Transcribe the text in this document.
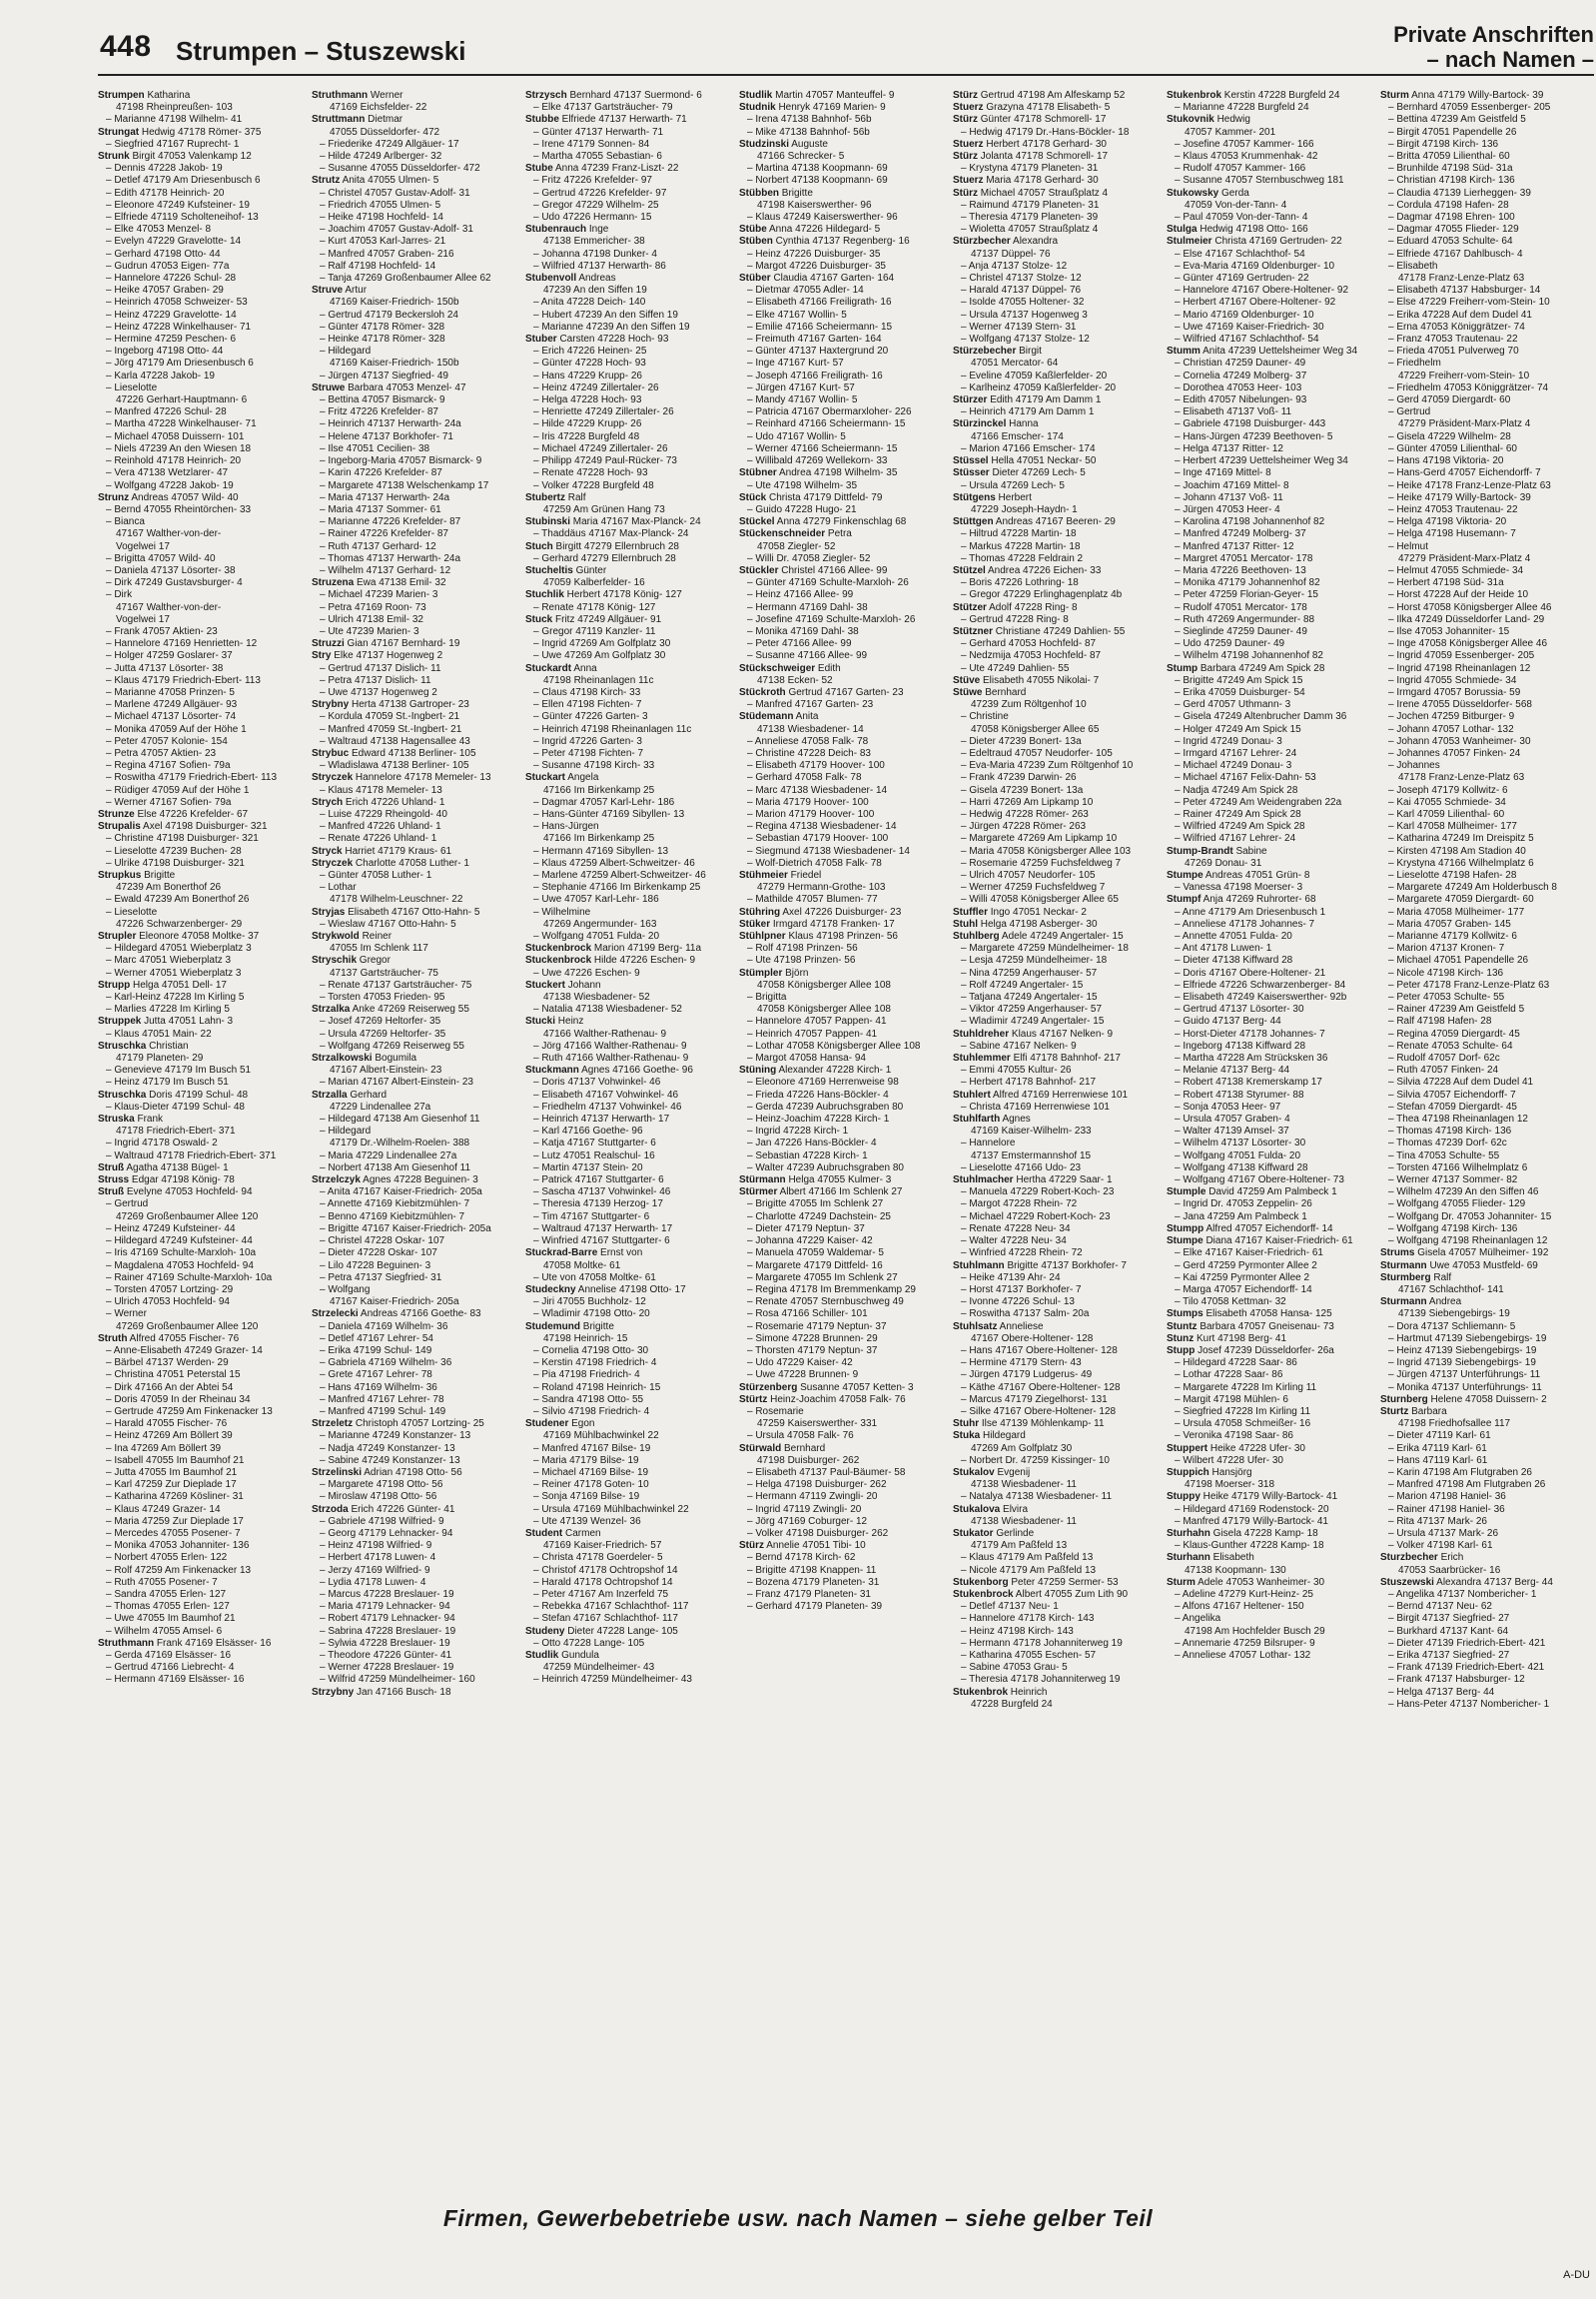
448 Strumpen – Stuszewski
Private Anschriften
– nach Namen –
Strumpen Katharina
47198 Rheinpreußen- 103
– Marianne 47198 Wilhelm- 41
Strungat Hedwig 47178 Römer- 375
– Siegfried 47167 Ruprecht- 1
Strunk Birgit 47053 Valenkamp 12
– Dennis 47228 Jakob- 19
– Detlef 47179 Am Driesenbusch 6
– Edith 47178 Heinrich- 20
– Eleonore 47249 Kufsteiner- 19
– Elfriede 47119 Scholteneihof- 13
– Elke 47053 Menzel- 8
– Evelyn 47229 Gravelotte- 14
– Gerhard 47198 Otto- 44
– Gudrun 47053 Eigen- 77a
– Hannelore 47226 Schul- 28
– Heike 47057 Graben- 29
– Heinrich 47058 Schweizer- 53
– Heinz 47229 Gravelotte- 14
– Heinz 47228 Winkelhauser- 71
– Hermine 47259 Peschen- 6
– Ingeborg 47198 Otto- 44
– Jörg 47179 Am Driesenbusch 6
– Karla 47228 Jakob- 19
– Lieselotte
47226 Gerhart-Hauptmann- 6
– Manfred 47226 Schul- 28
– Martha 47228 Winkelhauser- 71
– Michael 47058 Duissern- 101
– Niels 47239 An den Wiesen 18
– Reinhold 47178 Heinrich- 20
– Vera 47138 Wetzlarer- 47
– Wolfgang 47228 Jakob- 19
Strunz Andreas 47057 Wild- 40
– Bernd 47055 Rheintörchen- 33
– Bianca
47167 Walther-von-der-
Vogelwei 17
– Brigitta 47057 Wild- 40
– Daniela 47137 Lösorter- 38
– Dirk 47249 Gustavsburger- 4
– Dirk
47167 Walther-von-der-
Vogelwei 17
– Frank 47057 Aktien- 23
– Hannelore 47169 Henrietten- 12
– Holger 47259 Goslarer- 37
– Jutta 47137 Lösorter- 38
– Klaus 47179 Friedrich-Ebert- 113
– Marianne 47058 Prinzen- 5
– Marlene 47249 Allgäuer- 93
– Michael 47137 Lösorter- 74
– Monika 47059 Auf der Höhe 1
– Peter 47057 Kolonie- 154
– Petra 47057 Aktien- 23
– Regina 47167 Sofien- 79a
– Roswitha 47179 Friedrich-Ebert- 113
– Rüdiger 47059 Auf der Höhe 1
– Werner 47167 Sofien- 79a
Strunze Else 47226 Krefelder- 67
Strupalis Axel 47198 Duisburger- 321
– Christine 47198 Duisburger- 321
– Lieselotte 47239 Buchen- 28
– Ulrike 47198 Duisburger- 321
Strupkus Brigitte
47239 Am Bonerthof 26
– Ewald 47239 Am Bonerthof 26
– Lieselotte
47226 Schwarzenberger- 29
Strupler Eleonore 47058 Moltke- 37
– Hildegard 47051 Wieberplatz 3
– Marc 47051 Wieberplatz 3
– Werner 47051 Wieberplatz 3
Strupp Helga 47051 Dell- 17
– Karl-Heinz 47228 Im Kirling 5
– Marlies 47228 Im Kirling 5
Struppek Jutta 47051 Lahn- 3
– Klaus 47051 Main- 22
Struschka Christian
47179 Planeten- 29
– Genevieve 47179 Im Busch 51
– Heinz 47179 Im Busch 51
Struschka Doris 47199 Schul- 48
– Klaus-Dieter 47199 Schul- 48
Struska Frank
47178 Friedrich-Ebert- 371
– Ingrid 47178 Oswald- 2
– Waltraud 47178 Friedrich-Ebert- 371
Struß Agatha 47138 Bügel- 1
Struss Edgar 47198 König- 78
Struß Evelyne 47053 Hochfeld- 94
– Gertrud
47269 Großenbaumer Allee 120
– Heinz 47249 Kufsteiner- 44
– Hildegard 47249 Kufsteiner- 44
– Iris 47169 Schulte-Marxloh- 10a
– Magdalena 47053 Hochfeld- 94
– Rainer 47169 Schulte-Marxloh- 10a
– Torsten 47057 Lortzing- 29
– Ulrich 47053 Hochfeld- 94
– Werner
47269 Großenbaumer Allee 120
Struth Alfred 47055 Fischer- 76
– Anne-Elisabeth 47249 Grazer- 14
– Bärbel 47137 Werden- 29
– Christina 47051 Peterstal 15
– Dirk 47166 An der Abtei 54
– Doris 47059 In der Rheinau 34
– Gertrude 47259 Am Finkenacker 13
– Harald 47055 Fischer- 76
– Heinz 47269 Am Böllert 39
– Ina 47269 Am Böllert 39
– Isabell 47055 Im Baumhof 21
– Jutta 47055 Im Baumhof 21
– Karl 47259 Zur Dieplade 17
– Katharina 47269 Kösliner- 31
– Klaus 47249 Grazer- 14
– Maria 47259 Zur Dieplade 17
– Mercedes 47055 Posener- 7
– Monika 47053 Johanniter- 136
– Norbert 47055 Erlen- 122
– Rolf 47259 Am Finkenacker 13
– Ruth 47055 Posener- 7
– Sandra 47055 Erlen- 127
– Thomas 47055 Erlen- 127
– Uwe 47055 Im Baumhof 21
– Wilhelm 47055 Amsel- 6
Struthmann Frank 47169 Elsässer- 16
– Gerda 47169 Elsässer- 16
– Gertrud 47166 Liebrecht- 4
– Hermann 47169 Elsässer- 16
Struthmann Werner
47169 Eichsfelder- 22
Struttmann Dietmar
47055 Düsseldorfer- 472
– Friederike 47249 Allgäuer- 17
– Hilde 47249 Arlberger- 32
– Susanne 47055 Düsseldorfer- 472
Strutz Anita 47055 Ulmen- 5
– Christel 47057 Gustav-Adolf- 31
– Friedrich 47055 Ulmen- 5
– Heike 47198 Hochfeld- 14
– Joachim 47057 Gustav-Adolf- 31
– Kurt 47053 Karl-Jarres- 21
– Manfred 47057 Graben- 216
– Ralf 47198 Hochfeld- 14
– Tanja 47269 Großenbaumer Allee 62
Struve Artur
47169 Kaiser-Friedrich- 150b
– Gertrud 47179 Beckersloh 24
– Günter 47178 Römer- 328
– Heinke 47178 Römer- 328
– Hildegard
47169 Kaiser-Friedrich- 150b
– Jürgen 47137 Siegfried- 49
Struwe Barbara 47053 Menzel- 47
– Bettina 47057 Bismarck- 9
– Fritz 47226 Krefelder- 87
– Heinrich 47137 Herwarth- 24a
– Helene 47137 Borkhofer- 71
– Ilse 47051 Cecilien- 38
– Ingeborg-Maria 47057 Bismarck- 9
– Karin 47226 Krefelder- 87
– Margarete 47138 Welschenkamp 17
– Maria 47137 Herwarth- 24a
– Maria 47137 Sommer- 61
– Marianne 47226 Krefelder- 87
– Rainer 47226 Krefelder- 87
– Ruth 47137 Gerhard- 12
– Thomas 47137 Herwarth- 24a
– Wilhelm 47137 Gerhard- 12
Struzena Ewa 47138 Emil- 32
– Michael 47239 Marien- 3
– Petra 47169 Roon- 73
– Ulrich 47138 Emil- 32
– Ute 47239 Marien- 3
Struzzi Gian 47167 Bernhard- 19
Stry Elke 47137 Hogenweg 2
– Gertrud 47137 Dislich- 11
– Petra 47137 Dislich- 11
– Uwe 47137 Hogenweg 2
Strybny Herta 47138 Gartroper- 23
– Kordula 47059 St.-Ingbert- 21
– Manfred 47059 St.-Ingbert- 21
– Waltraud 47138 Hagensallee 43
Strybuc Edward 47138 Berliner- 105
– Wladislawa 47138 Berliner- 105
Stryczek Hannelore 47178 Memeler- 13
– Klaus 47178 Memeler- 13
Strych Erich 47226 Uhland- 1
– Luise 47229 Rheingold- 40
– Manfred 47226 Uhland- 1
– Renate 47226 Uhland- 1
Stryck Harriet 47179 Kraus- 61
Stryczek Charlotte 47058 Luther- 1
– Günter 47058 Luther- 1
– Lothar
47178 Wilhelm-Leuschner- 22
Stryjas Elisabeth 47167 Otto-Hahn- 5
– Wieslaw 47167 Otto-Hahn- 5
Strykwold Reiner
47055 Im Schlenk 117
Stryschik Gregor
47137 Gartsträucher- 75
– Renate 47137 Gartsträucher- 75
– Torsten 47053 Frieden- 95
Strzalka Anke 47269 Reiserweg 55
– Josef 47269 Heltorfer- 35
– Ursula 47269 Heltorfer- 35
– Wolfgang 47269 Reiserweg 55
Strzalkowski Bogumila
47167 Albert-Einstein- 23
– Marian 47167 Albert-Einstein- 23
Strzalla Gerhard
47229 Lindenallee 27a
– Hildegard 47138 Am Giesenhof 11
– Hildegard
47179 Dr.-Wilhelm-Roelen- 388
– Maria 47229 Lindenallee 27a
– Norbert 47138 Am Giesenhof 11
Strzelczyk Agnes 47228 Beguinen- 3
– Anita 47167 Kaiser-Friedrich- 205a
– Annette 47169 Kiebitzmühlen- 7
– Benno 47169 Kiebitzmühlen- 7
– Brigitte 47167 Kaiser-Friedrich- 205a
– Christel 47228 Oskar- 107
– Dieter 47228 Oskar- 107
– Lilo 47228 Beguinen- 3
– Petra 47137 Siegfried- 31
– Wolfgang
47167 Kaiser-Friedrich- 205a
Strzelecki Andreas 47166 Goethe- 83
– Daniela 47169 Wilhelm- 36
– Detlef 47167 Lehrer- 54
– Erika 47199 Schul- 149
– Gabriela 47169 Wilhelm- 36
– Grete 47167 Lehrer- 78
– Hans 47169 Wilhelm- 36
– Manfred 47167 Lehrer- 78
– Manfred 47199 Schul- 149
Strzeletz Christoph 47057 Lortzing- 25
– Marianne 47249 Konstanzer- 13
– Nadja 47249 Konstanzer- 13
– Sabine 47249 Konstanzer- 13
Strzelinski Adrian 47198 Otto- 56
– Margarete 47198 Otto- 56
– Miroslaw 47198 Otto- 56
Strzoda Erich 47226 Günter- 41
– Gabriele 47198 Wilfried- 9
– Georg 47179 Lehnacker- 94
– Heinz 47198 Wilfried- 9
– Herbert 47178 Luwen- 4
– Jerzy 47169 Wilfried- 9
– Lydia 47178 Luwen- 4
– Marcus 47228 Breslauer- 19
– Maria 47179 Lehnacker- 94
– Robert 47179 Lehnacker- 94
– Sabrina 47228 Breslauer- 19
– Sylwia 47228 Breslauer- 19
– Theodore 47226 Günter- 41
– Werner 47228 Breslauer- 19
– Wilfrid 47259 Mündelheimer- 160
Strzybny Jan 47166 Busch- 18
Strzysch Bernhard 47137 Suermond- 6
– Elke 47137 Gartsträucher- 79
Stubbe Elfriede 47137 Herwarth- 71
– Günter 47137 Herwarth- 71
– Irene 47179 Sonnen- 84
– Martha 47055 Sebastian- 6
Stube Anna 47239 Franz-Liszt- 22
– Fritz 47226 Krefelder- 97
– Gertrud 47226 Krefelder- 97
– Gregor 47229 Wilhelm- 25
– Udo 47226 Hermann- 15
Stubenrauch Inge
47138 Emmericher- 38
– Johanna 47198 Dunker- 4
– Wilfried 47137 Herwarth- 86
Stubenvoll Andreas
47239 An den Siffen 19
– Anita 47228 Deich- 140
– Hubert 47239 An den Siffen 19
– Marianne 47239 An den Siffen 19
Stuber Carsten 47228 Hoch- 93
– Erich 47226 Heinen- 25
– Günter 47228 Hoch- 93
– Hans 47229 Krupp- 26
– Heinz 47249 Zillertaler- 26
– Helga 47228 Hoch- 93
– Henriette 47249 Zillertaler- 26
– Hilde 47229 Krupp- 26
– Iris 47228 Burgfeld 48
– Michael 47249 Zillertaler- 26
– Philipp 47249 Paul-Rücker- 73
– Renate 47228 Hoch- 93
– Volker 47228 Burgfeld 48
Stubertz Ralf
47259 Am Grünen Hang 73
Stubinski Maria 47167 Max-Planck- 24
– Thaddäus 47167 Max-Planck- 24
Stuch Birgitt 47279 Ellernbruch 28
– Gerhard 47279 Ellernbruch 28
Stucheltis Günter
47059 Kalberfelder- 16
Stuchlik Herbert 47178 König- 127
– Renate 47178 König- 127
Stuck Fritz 47249 Allgäuer- 91
– Gregor 47119 Kanzler- 11
– Ingrid 47269 Am Golfplatz 30
– Uwe 47269 Am Golfplatz 30
Stuckardt Anna
47198 Rheinanlagen 11c
– Claus 47198 Kirch- 33
– Ellen 47198 Fichten- 7
– Günter 47226 Garten- 3
– Heinrich 47198 Rheinanlagen 11c
– Ingrid 47226 Garten- 3
– Peter 47198 Fichten- 7
– Susanne 47198 Kirch- 33
Stuckart Angela
47166 Im Birkenkamp 25
– Dagmar 47057 Karl-Lehr- 186
– Hans-Günter 47169 Sibyllen- 13
– Hans-Jürgen
47166 Im Birkenkamp 25
– Hermann 47169 Sibyllen- 13
– Klaus 47259 Albert-Schweitzer- 46
– Marlene 47259 Albert-Schweitzer- 46
– Stephanie 47166 Im Birkenkamp 25
– Uwe 47057 Karl-Lehr- 186
– Wilhelmine
47269 Angermunder- 163
– Wolfgang 47051 Fulda- 20
Stuckenbrock Marion 47199 Berg- 11a
Stuckenbrock Hilde 47226 Eschen- 9
– Uwe 47226 Eschen- 9
Stuckert Johann
47138 Wiesbadener- 52
– Natalia 47138 Wiesbadener- 52
Stucki Heinz
47166 Walther-Rathenau- 9
– Jörg 47166 Walther-Rathenau- 9
– Ruth 47166 Walther-Rathenau- 9
Stuckmann Agnes 47166 Goethe- 96
– Doris 47137 Vohwinkel- 46
– Elisabeth 47167 Vohwinkel- 46
– Friedhelm 47137 Vohwinkel- 46
– Heinrich 47137 Herwarth- 17
– Karl 47166 Goethe- 96
– Katja 47167 Stuttgarter- 6
– Lutz 47051 Realschul- 16
– Martin 47137 Stein- 20
– Patrick 47167 Stuttgarter- 6
– Sascha 47137 Vohwinkel- 46
– Theresia 47139 Herzog- 17
– Tim 47167 Stuttgarter- 6
– Waltraud 47137 Herwarth- 17
– Winfried 47167 Stuttgarter- 6
Stuckrad-Barre Ernst von
47058 Moltke- 61
– Ute von 47058 Moltke- 61
Studeckny Annelise 47198 Otto- 17
– Jiri 47055 Buchholz- 12
– Wladimir 47198 Otto- 20
Studemund Brigitte
47198 Heinrich- 15
– Cornelia 47198 Otto- 30
– Kerstin 47198 Friedrich- 4
– Pia 47198 Friedrich- 4
– Roland 47198 Heinrich- 15
– Sandra 47198 Otto- 55
– Silvio 47198 Friedrich- 4
Studener Egon
47169 Mühlbachwinkel 22
– Manfred 47167 Bilse- 19
– Maria 47179 Bilse- 19
– Michael 47169 Bilse- 19
– Reiner 47178 Goten- 10
– Sonja 47169 Bilse- 19
– Ursula 47169 Mühlbachwinkel 22
– Ute 47139 Wenzel- 36
Student Carmen
47169 Kaiser-Friedrich- 57
– Christa 47178 Goerdeler- 5
– Christof 47178 Ochtropshof 14
– Harald 47178 Ochtropshof 14
– Peter 47167 Am Inzerfeld 75
– Rebekka 47167 Schlachthof- 117
– Stefan 47167 Schlachthof- 117
Studeny Dieter 47228 Lange- 105
– Otto 47228 Lange- 105
Studlik Gundula
47259 Mündelheimer- 43
– Heinrich 47259 Mündelheimer- 43
Studlik Martin 47057 Manteuffel- 9
Studnik Henryk 47169 Marien- 9
– Irena 47138 Bahnhof- 56b
– Mike 47138 Bahnhof- 56b
Studzinski Auguste
47166 Schrecker- 5
– Martina 47138 Koopmann- 69
– Norbert 47138 Koopmann- 69
Stübben Brigitte
47198 Kaiserswerther- 96
– Klaus 47249 Kaiserswerther- 96
Stübe Anna 47226 Hildegard- 5
Stüben Cynthia 47137 Regenberg- 16
– Heinz 47226 Duisburger- 35
– Margot 47226 Duisburger- 35
Stüber Claudia 47167 Garten- 164
– Dietmar 47055 Adler- 14
– Elisabeth 47166 Freiligrath- 16
– Elke 47167 Wollin- 5
– Emilie 47166 Scheiermann- 15
– Freimuth 47167 Garten- 164
– Günter 47137 Haxtergrund 20
– Inge 47167 Kurt- 57
– Joseph 47166 Freiligrath- 16
– Jürgen 47167 Kurt- 57
– Mandy 47167 Wollin- 5
– Patricia 47167 Obermarxloher- 226
– Reinhard 47166 Scheiermann- 15
– Udo 47167 Wollin- 5
– Werner 47166 Scheiermann- 15
– Willibald 47269 Wellekorn- 33
Stübner Andrea 47198 Wilhelm- 35
– Ute 47198 Wilhelm- 35
Stück Christa 47179 Dittfeld- 79
– Guido 47228 Hugo- 21
Stückel Anna 47279 Finkenschlag 68
Stückenschneider Petra
47058 Ziegler- 52
– Willi Dr. 47058 Ziegler- 52
Stückler Christel 47166 Allee- 99
– Günter 47169 Schulte-Marxloh- 26
– Heinz 47166 Allee- 99
– Hermann 47169 Dahl- 38
– Josefine 47169 Schulte-Marxloh- 26
– Monika 47169 Dahl- 38
– Peter 47166 Allee- 99
– Susanne 47166 Allee- 99
Stückschweiger Edith
47138 Ecken- 52
Stückroth Gertrud 47167 Garten- 23
– Manfred 47167 Garten- 23
Stüdemann Anita
47138 Wiesbadener- 14
– Anneliese 47058 Falk- 78
– Christine 47228 Deich- 83
– Elisabeth 47179 Hoover- 100
– Gerhard 47058 Falk- 78
– Marc 47138 Wiesbadener- 14
– Maria 47179 Hoover- 100
– Marion 47179 Hoover- 100
– Regina 47138 Wiesbadener- 14
– Sebastian 47179 Hoover- 100
– Siegmund 47138 Wiesbadener- 14
– Wolf-Dietrich 47058 Falk- 78
Stühmeier Friedel
47279 Hermann-Grothe- 103
– Mathilde 47057 Blumen- 77
Stühring Axel 47226 Duisburger- 23
Stüker Irmgard 47178 Franken- 17
Stühlpner Klaus 47198 Prinzen- 56
– Rolf 47198 Prinzen- 56
– Ute 47198 Prinzen- 56
Stümpler Björn
47058 Königsberger Allee 108
– Brigitta
47058 Königsberger Allee 108
– Hannelore 47057 Pappen- 41
– Heinrich 47057 Pappen- 41
– Lothar 47058 Königsberger Allee 108
– Margot 47058 Hansa- 94
Stüning Alexander 47228 Kirch- 1
– Eleonore 47169 Herrenweise 98
– Frieda 47226 Hans-Böckler- 4
– Gerda 47239 Aubruchsgraben 80
– Heinz-Joachim 47228 Kirch- 1
– Ingrid 47228 Kirch- 1
– Jan 47226 Hans-Böckler- 4
– Sebastian 47228 Kirch- 1
– Walter 47239 Aubruchsgraben 80
Stürmann Helga 47055 Kulmer- 3
Stürmer Albert 47166 Im Schlenk 27
– Brigitte 47055 Im Schlenk 27
– Charlotte 47249 Dachstein- 25
– Dieter 47179 Neptun- 37
– Johanna 47229 Kaiser- 42
– Manuela 47059 Waldemar- 5
– Margarete 47179 Dittfeld- 16
– Margarete 47055 Im Schlenk 27
– Regina 47178 Im Bremmenkamp 29
– Renate 47057 Sternbuschweg 49
– Rosa 47166 Schiller- 101
– Rosemarie 47179 Neptun- 37
– Simone 47228 Brunnen- 29
– Thorsten 47179 Neptun- 37
– Udo 47229 Kaiser- 42
– Uwe 47228 Brunnen- 9
Stürzenberg Susanne 47057 Ketten- 3
Stürtz Heinz-Joachim 47058 Falk- 76
– Rosemarie
47259 Kaiserswerther- 331
– Ursula 47058 Falk- 76
Stürwald Bernhard
47198 Duisburger- 262
– Elisabeth 47137 Paul-Bäumer- 58
– Helga 47198 Duisburger- 262
– Hermann 47119 Zwingli- 20
– Ingrid 47119 Zwingli- 20
– Jörg 47169 Coburger- 12
– Volker 47198 Duisburger- 262
Stürz Annelie 47051 Tibi- 10
– Bernd 47178 Kirch- 62
– Brigitte 47198 Knappen- 11
– Bozena 47179 Planeten- 31
– Franz 47179 Planeten- 31
– Gerhard 47179 Planeten- 39
Stürz Gertrud 47198 Am Alfeskamp 52
Stuerz Grazyna 47178 Elisabeth- 5
Stürz Günter 47178 Schmorell- 17
– Hedwig 47179 Dr.-Hans-Böckler- 18
Stuerz Herbert 47178 Gerhard- 30
Stürz Jolanta 47178 Schmorell- 17
– Krystyna 47179 Planeten- 31
Stuerz Maria 47178 Gerhard- 30
Stürz Michael 47057 Straußplatz 4
– Raimund 47179 Planeten- 31
– Theresia 47179 Planeten- 39
– Wioletta 47057 Straußplatz 4
Stürzbecher Alexandra
47137 Düppel- 76
– Anja 47137 Stolze- 12
– Christel 47137 Stolze- 12
– Harald 47137 Düppel- 76
– Isolde 47055 Holtener- 32
– Ursula 47137 Hogenweg 3
– Werner 47139 Stern- 31
– Wolfgang 47137 Stolze- 12
Stürzebecher Birgit
47051 Mercator- 64
– Eveline 47059 Kaßlerfelder- 20
– Karlheinz 47059 Kaßlerfelder- 20
Stürzer Edith 47179 Am Damm 1
– Heinrich 47179 Am Damm 1
Stürzinckel Hanna
47166 Emscher- 174
– Marion 47166 Emscher- 174
Stüssel Hella 47051 Neckar- 50
Stüsser Dieter 47269 Lech- 5
– Ursula 47269 Lech- 5
Stütgens Herbert
47229 Joseph-Haydn- 1
Stüttgen Andreas 47167 Beeren- 29
– Hiltrud 47228 Martin- 18
– Markus 47228 Martin- 18
– Thomas 47228 Feldrain 2
Stützel Andrea 47226 Eichen- 33
– Boris 47226 Lothring- 18
– Gregor 47229 Erlinghagenplatz 4b
Stützer Adolf 47228 Ring- 8
– Gertrud 47228 Ring- 8
Stützner Christiane 47249 Dahlien- 55
– Gerhard 47053 Hochfeld- 87
– Nedzmija 47053 Hochfeld- 87
– Ute 47249 Dahlien- 55
Stüve Elisabeth 47055 Nikolai- 7
Stüwe Bernhard
47239 Zum Röltgenhof 10
– Christine
47058 Königsberger Allee 65
– Dieter 47239 Bonert- 13a
– Edeltraud 47057 Neudorfer- 105
– Eva-Maria 47239 Zum Röltgenhof 10
– Frank 47239 Darwin- 26
– Gisela 47239 Bonert- 13a
– Harri 47269 Am Lipkamp 10
– Hedwig 47228 Römer- 263
– Jürgen 47228 Römer- 263
– Margarete 47269 Am Lipkamp 10
– Maria 47058 Königsberger Allee 103
– Rosemarie 47259 Fuchsfeldweg 7
– Ulrich 47057 Neudorfer- 105
– Werner 47259 Fuchsfeldweg 7
– Willi 47058 Königsberger Allee 65
Stuffler Ingo 47051 Neckar- 2
Stuhl Helga 47198 Asberger- 30
Stuhlberg Adele 47249 Angertaler- 15
– Margarete 47259 Mündelheimer- 18
– Lesja 47259 Mündelheimer- 18
– Nina 47259 Angerhauser- 57
– Rolf 47249 Angertaler- 15
– Tatjana 47249 Angertaler- 15
– Viktor 47259 Angerhauser- 57
– Wladimir 47249 Angertaler- 15
Stuhldreher Klaus 47167 Nelken- 9
– Sabine 47167 Nelken- 9
Stuhlemmer Elfi 47178 Bahnhof- 217
– Emmi 47055 Kultur- 26
– Herbert 47178 Bahnhof- 217
Stuhlert Alfred 47169 Herrenwiese 101
– Christa 47169 Herrenwiese 101
Stuhlfarth Agnes
47169 Kaiser-Wilhelm- 233
– Hannelore
47137 Emstermannshof 15
– Lieselotte 47166 Udo- 23
Stuhlmacher Hertha 47229 Saar- 1
– Manuela 47229 Robert-Koch- 23
– Margot 47228 Rhein- 72
– Michael 47229 Robert-Koch- 23
– Renate 47228 Neu- 34
– Walter 47228 Neu- 34
– Winfried 47228 Rhein- 72
Stuhlmann Brigitte 47137 Borkhofer- 7
– Heike 47139 Ahr- 24
– Horst 47137 Borkhofer- 7
– Ivonne 47226 Schul- 13
– Roswitha 47137 Salm- 20a
Stuhlsatz Anneliese
47167 Obere-Holtener- 128
– Hans 47167 Obere-Holtener- 128
– Hermine 47179 Stern- 43
– Jürgen 47179 Ludgerus- 49
– Käthe 47167 Obere-Holtener- 128
– Marcus 47179 Ziegelhorst- 131
– Silke 47167 Obere-Holtener- 128
Stuhr Ilse 47139 Möhlenkamp- 11
Stuka Hildegard
47269 Am Golfplatz 30
– Norbert Dr. 47259 Kissinger- 10
Stukalov Evgenij
47138 Wiesbadener- 11
– Natalya 47138 Wiesbadener- 11
Stukalova Elvira
47138 Wiesbadener- 11
Stukator Gerlinde
47179 Am Paßfeld 13
– Klaus 47179 Am Paßfeld 13
– Nicole 47179 Am Paßfeld 13
Stukenborg Peter 47259 Sermer- 53
Stukenbrock Albert 47055 Zum Lith 90
– Detlef 47137 Neu- 1
– Hannelore 47178 Kirch- 143
– Heinz 47198 Kirch- 143
– Hermann 47178 Johanniterweg 19
– Katharina 47055 Eschen- 57
– Sabine 47053 Grau- 5
– Theresia 47178 Johanniterweg 19
Stukenbrok Heinrich
47228 Burgfeld 24
Stukenbrok Kerstin 47228 Burgfeld 24
– Marianne 47228 Burgfeld 24
Stukovnik Hedwig
47057 Kammer- 201
– Josefine 47057 Kammer- 166
– Klaus 47053 Krummenhak- 42
– Rudolf 47057 Kammer- 166
– Susanne 47057 Sternbuschweg 181
Stukowsky Gerda
47059 Von-der-Tann- 4
– Paul 47059 Von-der-Tann- 4
Stulga Hedwig 47198 Otto- 166
Stulmeier Christa 47169 Gertruden- 22
– Else 47167 Schlachthof- 54
– Eva-Maria 47169 Oldenburger- 10
– Günter 47169 Gertruden- 22
– Hannelore 47167 Obere-Holtener- 92
– Herbert 47167 Obere-Holtener- 92
– Mario 47169 Oldenburger- 10
– Uwe 47169 Kaiser-Friedrich- 30
– Wilfried 47167 Schlachthof- 54
Stumm Anita 47239 Uettelsheimer Weg 34
– Christian 47259 Dauner- 49
– Cornelia 47249 Molberg- 37
– Dorothea 47053 Heer- 103
– Edith 47057 Nibelungen- 93
– Elisabeth 47137 Voß- 11
– Gabriele 47198 Duisburger- 443
– Hans-Jürgen 47239 Beethoven- 5
– Helga 47137 Ritter- 12
– Herbert 47239 Uettelsheimer Weg 34
– Inge 47169 Mittel- 8
– Joachim 47169 Mittel- 8
– Johann 47137 Voß- 11
– Jürgen 47053 Heer- 4
– Karolina 47198 Johannenhof 82
– Manfred 47249 Molberg- 37
– Manfred 47137 Ritter- 12
– Margret 47051 Mercator- 178
– Maria 47226 Beethoven- 13
– Monika 47179 Johannenhof 82
– Peter 47259 Florian-Geyer- 15
– Rudolf 47051 Mercator- 178
– Ruth 47269 Angermunder- 88
– Sieglinde 47259 Dauner- 49
– Udo 47259 Dauner- 49
– Wilhelm 47198 Johannenhof 82
Stump Barbara 47249 Am Spick 28
– Brigitte 47249 Am Spick 15
– Erika 47059 Duisburger- 54
– Gerd 47057 Uthmann- 3
– Gisela 47249 Altenbrucher Damm 36
– Holger 47249 Am Spick 15
– Ingrid 47249 Donau- 3
– Irmgard 47167 Lehrer- 24
– Michael 47249 Donau- 3
– Michael 47167 Felix-Dahn- 53
– Nadja 47249 Am Spick 28
– Peter 47249 Am Weidengraben 22a
– Rainer 47249 Am Spick 28
– Wilfried 47249 Am Spick 28
– Wilfried 47167 Lehrer- 24
Stump-Brandt Sabine
47269 Donau- 31
Stumpe Andreas 47051 Grün- 8
– Vanessa 47198 Moerser- 3
Stumpf Anja 47269 Ruhrorter- 68
– Anne 47179 Am Driesenbusch 1
– Anneliese 47178 Johannes- 7
– Annette 47051 Fulda- 20
– Ant 47178 Luwen- 1
– Dieter 47138 Kiffward 28
– Doris 47167 Obere-Holtener- 21
– Elfriede 47226 Schwarzenberger- 84
– Elisabeth 47249 Kaiserswerther- 92b
– Gertrud 47137 Lösorter- 30
– Guido 47137 Berg- 44
– Horst-Dieter 47178 Johannes- 7
– Ingeborg 47138 Kiffward 28
– Martha 47228 Am Strücksken 36
– Melanie 47137 Berg- 44
– Robert 47138 Kremerskamp 17
– Robert 47138 Styrumer- 88
– Sonja 47053 Heer- 97
– Ursula 47057 Graben- 4
– Walter 47139 Amsel- 37
– Wilhelm 47137 Lösorter- 30
– Wolfgang 47051 Fulda- 20
– Wolfgang 47138 Kiffward 28
– Wolfgang 47167 Obere-Holtener- 73
Stumple David 47259 Am Palmbeck 1
– Ingrid Dr. 47053 Zeppelin- 26
– Jana 47259 Am Palmbeck 1
Stumpp Alfred 47057 Eichendorff- 14
Stumpe Diana 47167 Kaiser-Friedrich- 61
– Elke 47167 Kaiser-Friedrich- 61
– Gerd 47259 Pyrmonter Allee 2
– Kai 47259 Pyrmonter Allee 2
– Marga 47057 Eichendorff- 14
– Tilo 47058 Kettman- 32
Stumps Elisabeth 47058 Hansa- 125
Stuntz Barbara 47057 Gneisenau- 73
Stunz Kurt 47198 Berg- 41
Stupp Josef 47239 Düsseldorfer- 26a
– Hildegard 47228 Saar- 86
– Lothar 47228 Saar- 86
– Margarete 47228 Im Kirling 11
– Margit 47198 Mühlen- 6
– Siegfried 47228 Im Kirling 11
– Ursula 47058 Schmeißer- 16
– Veronika 47198 Saar- 86
Stuppert Heike 47228 Ufer- 30
– Wilbert 47228 Ufer- 30
Stuppich Hansjörg
47198 Moerser- 318
Stuppy Heike 47179 Willy-Bartock- 41
– Hildegard 47169 Rodenstock- 20
– Manfred 47179 Willy-Bartock- 41
Sturhahn Gisela 47228 Kamp- 18
– Klaus-Gunther 47228 Kamp- 18
Sturhann Elisabeth
47138 Koopmann- 130
Sturm Adele 47053 Wanheimer- 30
– Adeline 47279 Kurt-Heinz- 25
– Alfons 47167 Heltener- 150
– Angelika
47198 Am Hochfelder Busch 29
– Annemarie 47259 Bilsruper- 9
– Anneliese 47057 Lothar- 132
Sturm Anna 47179 Willy-Bartock- 39
– Bernhard 47059 Essenberger- 205
– Bettina 47239 Am Geistfeld 5
– Birgit 47051 Papendelle 26
– Birgit 47198 Kirch- 136
– Britta 47059 Lilienthal- 60
– Brunhilde 47198 Süd- 31a
– Christian 47198 Kirch- 136
– Claudia 47139 Lierheggen- 39
– Cordula 47198 Hafen- 28
– Dagmar 47198 Ehren- 100
– Dagmar 47055 Flieder- 129
– Eduard 47053 Schulte- 64
– Elfriede 47167 Dahlbusch- 4
– Elisabeth
47178 Franz-Lenze-Platz 63
– Elisabeth 47137 Habsburger- 14
– Else 47229 Freiherr-vom-Stein- 10
– Erika 47228 Auf dem Dudel 41
– Erna 47053 Königgrätzer- 74
– Franz 47053 Trautenau- 22
– Frieda 47051 Pulverweg 70
– Friedhelm
47229 Freiherr-vom-Stein- 10
– Friedhelm 47053 Königgrätzer- 74
– Gerd 47059 Diergardt- 60
– Gertrud
47279 Präsident-Marx-Platz 4
– Gisela 47229 Wilhelm- 28
– Günter 47059 Lilienthal- 60
– Hans 47198 Viktoria- 20
– Hans-Gerd 47057 Eichendorff- 7
– Heike 47178 Franz-Lenze-Platz 63
– Heike 47179 Willy-Bartock- 39
– Heinz 47053 Trautenau- 22
– Helga 47198 Viktoria- 20
– Helga 47198 Husemann- 7
– Helmut
47279 Präsident-Marx-Platz 4
– Helmut 47055 Schmiede- 34
– Herbert 47198 Süd- 31a
– Horst 47228 Auf der Heide 10
– Horst 47058 Königsberger Allee 46
– Ilka 47249 Düsseldorfer Land- 29
– Ilse 47053 Johanniter- 15
– Inge 47058 Königsberger Allee 46
– Ingrid 47059 Essenberger- 205
– Ingrid 47198 Rheinanlagen 12
– Ingrid 47055 Schmiede- 34
– Irmgard 47057 Borussia- 59
– Irene 47055 Düsseldorfer- 568
– Jochen 47259 Bitburger- 9
– Johann 47057 Lothar- 132
– Johann 47053 Wanheimer- 30
– Johannes 47057 Finken- 24
– Johannes
47178 Franz-Lenze-Platz 63
– Joseph 47179 Kollwitz- 6
– Kai 47055 Schmiede- 34
– Karl 47059 Lilienthal- 60
– Karl 47058 Mülheimer- 177
– Katharina 47249 Im Dreispitz 5
– Kirsten 47198 Am Stadion 40
– Krystyna 47166 Wilhelmplatz 6
– Lieselotte 47198 Hafen- 28
– Margarete 47249 Am Holderbusch 8
– Margarete 47059 Diergardt- 60
– Maria 47058 Mülheimer- 177
– Maria 47057 Graben- 145
– Marianne 47179 Kollwitz- 6
– Marion 47137 Kronen- 7
– Michael 47051 Papendelle 26
– Nicole 47198 Kirch- 136
– Peter 47178 Franz-Lenze-Platz 63
– Peter 47053 Schulte- 55
– Rainer 47239 Am Geistfeld 5
– Ralf 47198 Hafen- 28
– Regina 47059 Diergardt- 45
– Renate 47053 Schulte- 64
– Rudolf 47057 Dorf- 62c
– Ruth 47057 Finken- 24
– Silvia 47228 Auf dem Dudel 41
– Silvia 47057 Eichendorff- 7
– Stefan 47059 Diergardt- 45
– Thea 47198 Rheinanlagen 12
– Thomas 47198 Kirch- 136
– Thomas 47239 Dorf- 62c
– Tina 47053 Schulte- 55
– Torsten 47166 Wilhelmplatz 6
– Werner 47137 Sommer- 82
– Wilhelm 47239 An den Siffen 46
– Wolfgang 47055 Flieder- 129
– Wolfgang Dr. 47053 Johanniter- 15
– Wolfgang 47198 Kirch- 136
– Wolfgang 47198 Rheinanlagen 12
Strums Gisela 47057 Mülheimer- 192
Sturmann Uwe 47053 Mustfeld- 69
Sturmberg Ralf
47167 Schlachthof- 141
Sturmann Andrea
47139 Siebengebirgs- 19
– Dora 47137 Schliemann- 5
– Hartmut 47139 Siebengebirgs- 19
– Heinz 47139 Siebengebirgs- 19
– Ingrid 47139 Siebengebirgs- 19
– Jürgen 47137 Unterführungs- 11
– Monika 47137 Unterführungs- 11
Sturnberg Helene 47058 Duissern- 2
Sturtz Barbara
47198 Friedhofsallee 117
– Dieter 47119 Karl- 61
– Erika 47119 Karl- 61
– Hans 47119 Karl- 61
– Karin 47198 Am Flutgraben 26
– Manfred 47198 Am Flutgraben 26
– Marion 47198 Haniel- 36
– Rainer 47198 Haniel- 36
– Rita 47137 Mark- 26
– Ursula 47137 Mark- 26
– Volker 47198 Karl- 61
Sturzbecher Erich
47053 Saarbrücker- 16
Stuszewski Alexandra 47137 Berg- 44
– Angelika 47137 Nombericher- 1
– Bernd 47137 Neu- 62
– Birgit 47137 Siegfried- 27
– Burkhard 47137 Kant- 64
– Dieter 47139 Friedrich-Ebert- 421
– Erika 47137 Siegfried- 27
– Frank 47139 Friedrich-Ebert- 421
– Frank 47137 Habsburger- 12
– Helga 47137 Berg- 44
– Hans-Peter 47137 Nombericher- 1
Firmen, Gewerbebetriebe usw. nach Namen – siehe gelber Teil
A-DU
